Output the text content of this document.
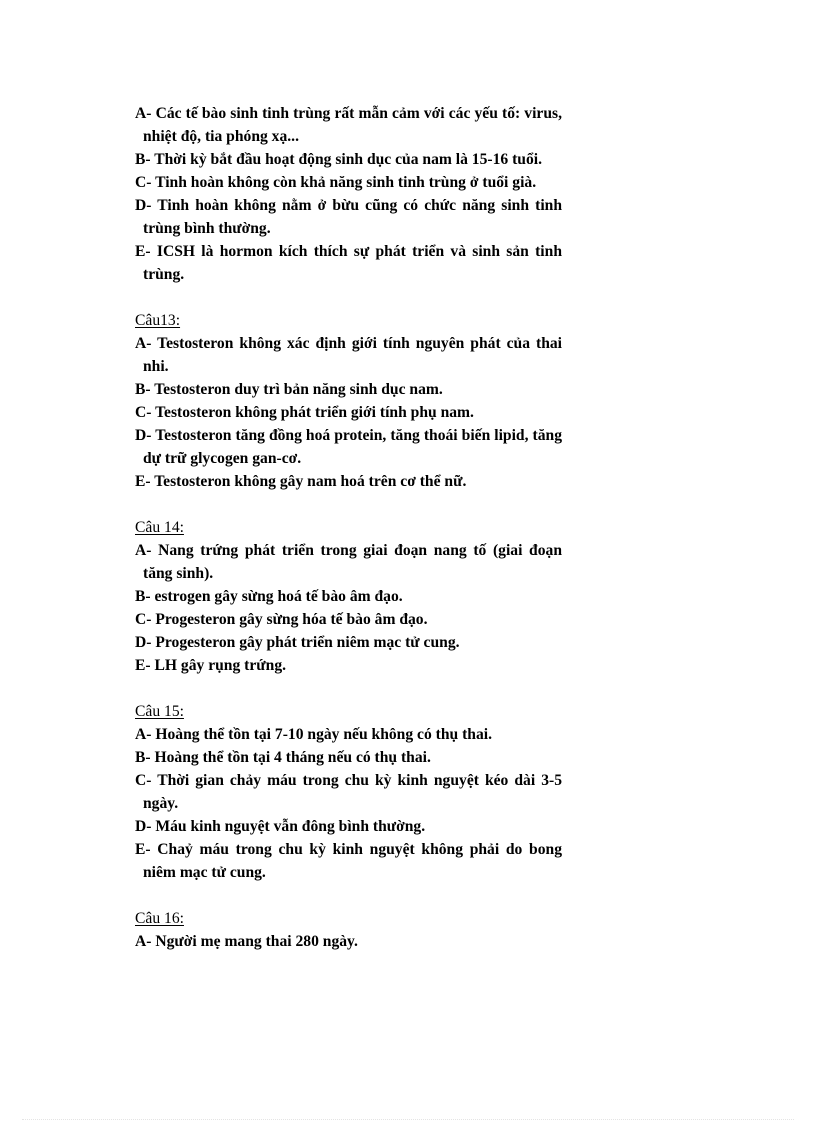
A- Các tế bào sinh tinh trùng rất mẫn cảm với các yếu tố: virus, nhiệt độ, tia phóng xạ...
B- Thời kỳ bắt đầu hoạt động sinh dục của nam là 15-16 tuổi.
C- Tinh hoàn không còn khả năng sinh tinh trùng ở tuổi già.
D- Tinh hoàn không nằm ở bừu cũng có chức năng sinh tinh trùng bình thường.
E- ICSH là hormon kích thích sự phát triển và sinh sản tinh trùng.
Câu13:
A- Testosteron không xác định giới tính nguyên phát của thai nhi.
B- Testosteron duy trì bản năng sinh dục nam.
C- Testosteron không phát triển giới tính phụ nam.
D- Testosteron tăng đồng hoá protein, tăng thoái biến lipid, tăng dự trữ glycogen gan-cơ.
E- Testosteron không gây nam hoá trên cơ thể nữ.
Câu 14:
A- Nang trứng phát triển trong giai đoạn nang tố (giai đoạn tăng sinh).
B- estrogen gây sừng hoá tế bào âm đạo.
C- Progesteron gây sừng hóa tế bào âm đạo.
D- Progesteron gây phát triển niêm mạc tử cung.
E- LH gây rụng trứng.
Câu 15:
A- Hoàng thể tồn tại 7-10 ngày nếu không có thụ thai.
B- Hoàng thể tồn tại 4 tháng nếu có thụ thai.
C- Thời gian chảy máu trong chu kỳ kinh nguyệt kéo dài 3-5 ngày.
D- Máu kinh nguyệt vẫn đông bình thường.
E- Chaỷ máu trong chu kỳ kinh nguyệt không phải do bong niêm mạc tử cung.
Câu 16:
A- Người mẹ mang thai 280 ngày.
